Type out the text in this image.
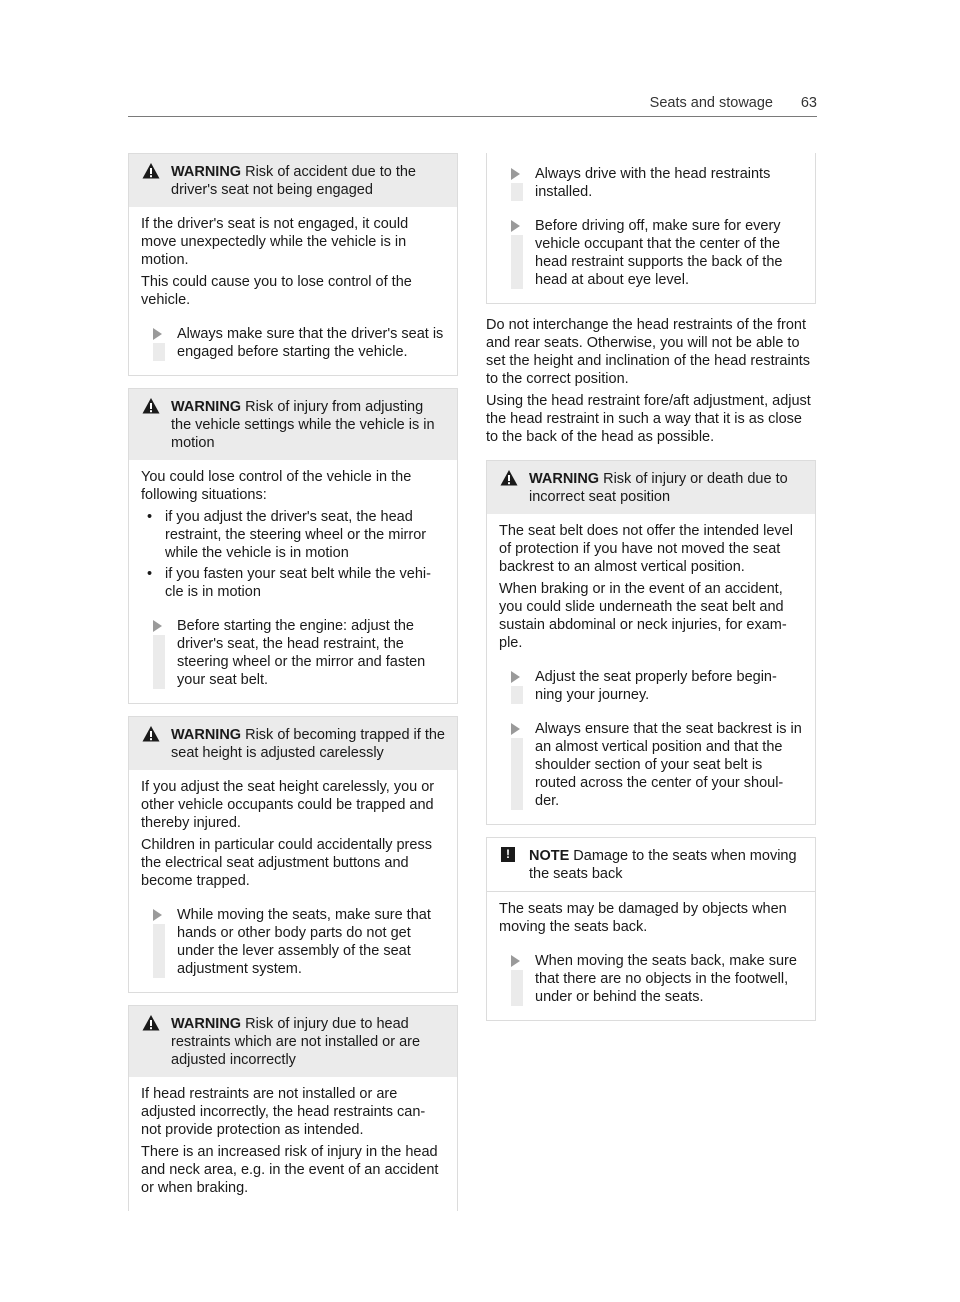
Seats and stowage 63
WARNING Risk of accident due to the driver's seat not being engaged

If the driver's seat is not engaged, it could move unexpectedly while the vehicle is in motion.

This could cause you to lose control of the vehicle.

Always make sure that the driver's seat is engaged before starting the vehicle.
WARNING Risk of injury from adjusting the vehicle settings while the vehicle is in motion

You could lose control of the vehicle in the following situations:

• if you adjust the driver's seat, the head restraint, the steering wheel or the mirror while the vehicle is in motion
• if you fasten your seat belt while the vehi- cle is in motion
Before starting the engine: adjust the driver's seat, the head restraint, the steering wheel or the mirror and fasten your seat belt.
WARNING Risk of becoming trapped if the seat height is adjusted carelessly

If you adjust the seat height carelessly, you or other vehicle occupants could be trapped and thereby injured.

Children in particular could accidentally press the electrical seat adjustment buttons and become trapped.

While moving the seats, make sure that hands or other body parts do not get under the lever assembly of the seat adjustment system.
WARNING Risk of injury due to head restraints which are not installed or are adjusted incorrectly

If head restraints are not installed or are adjusted incorrectly, the head restraints can- not provide protection as intended.

There is an increased risk of injury in the head and neck area, e.g. in the event of an accident or when braking.

Always drive with the head restraints installed.
Before driving off, make sure for every vehicle occupant that the center of the head restraint supports the back of the head at about eye level.

Do not interchange the head restraints of the front and rear seats. Otherwise, you will not be able to set the height and inclination of the head restraints to the correct position.

Using the head restraint fore/aft adjustment, adjust the head restraint in such a way that it is as close to the back of the head as possible.

WARNING Risk of injury or death due to incorrect seat position

The seat belt does not offer the intended level of protection if you have not moved the seat backrest to an almost vertical position.

When braking or in the event of an accident, you could slide underneath the seat belt and sustain abdominal or neck injuries, for exam- ple.

Adjust the seat properly before begin- ning your journey.
Always ensure that the seat backrest is in an almost vertical position and that the shoulder section of your seat belt is routed across the center of your shoul- der.
!	NOTE Damage to the seats when moving the seats back

The seats may be damaged by objects when moving the seats back.

When moving the seats back, make sure that there are no objects in the footwell, under or behind the seats.
